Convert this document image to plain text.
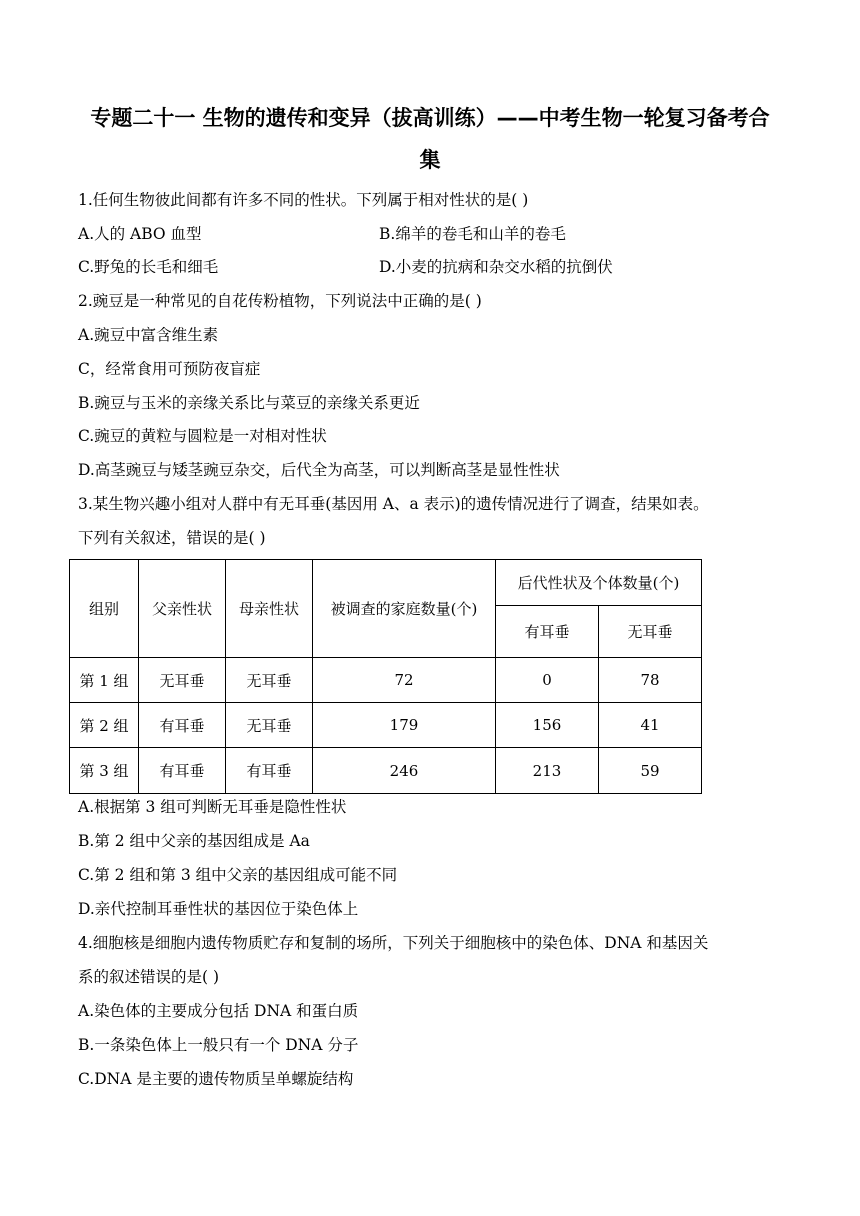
专题二十一 生物的遗传和变异（拔高训练）——中考生物一轮复习备考合
集
1.任何生物彼此间都有许多不同的性状。下列属于相对性状的是( )
A.人的 ABO 血型	B.绵羊的卷毛和山羊的卷毛
C.野兔的长毛和细毛	D.小麦的抗病和杂交水稻的抗倒伏
2.豌豆是一种常见的自花传粉植物，下列说法中正确的是( )
A.豌豆中富含维生素
C，经常食用可预防夜盲症
B.豌豆与玉米的亲缘关系比与菜豆的亲缘关系更近
C.豌豆的黄粒与圆粒是一对相对性状
D.高茎豌豆与矮茎豌豆杂交，后代全为高茎，可以判断高茎是显性性状
3.某生物兴趣小组对人群中有无耳垂(基因用 A、a 表示)的遗传情况进行了调查，结果如表。
下列有关叙述，错误的是( )
组别	父亲性状	母亲性状	被调查的家庭数量(个)	后代性状及个体数量(个)	
				有耳垂	无耳垂
第 1 组	无耳垂	无耳垂	72	0	78
第 2 组	有耳垂	无耳垂	179	156	41
第 3 组	有耳垂	有耳垂	246	213	59
A.根据第 3 组可判断无耳垂是隐性性状
B.第 2 组中父亲的基因组成是 Aa
C.第 2 组和第 3 组中父亲的基因组成可能不同
D.亲代控制耳垂性状的基因位于染色体上
4.细胞核是细胞内遗传物质贮存和复制的场所，下列关于细胞核中的染色体、DNA 和基因关
系的叙述错误的是( )
A.染色体的主要成分包括 DNA 和蛋白质
B.一条染色体上一般只有一个 DNA 分子
C.DNA 是主要的遗传物质呈单螺旋结构
